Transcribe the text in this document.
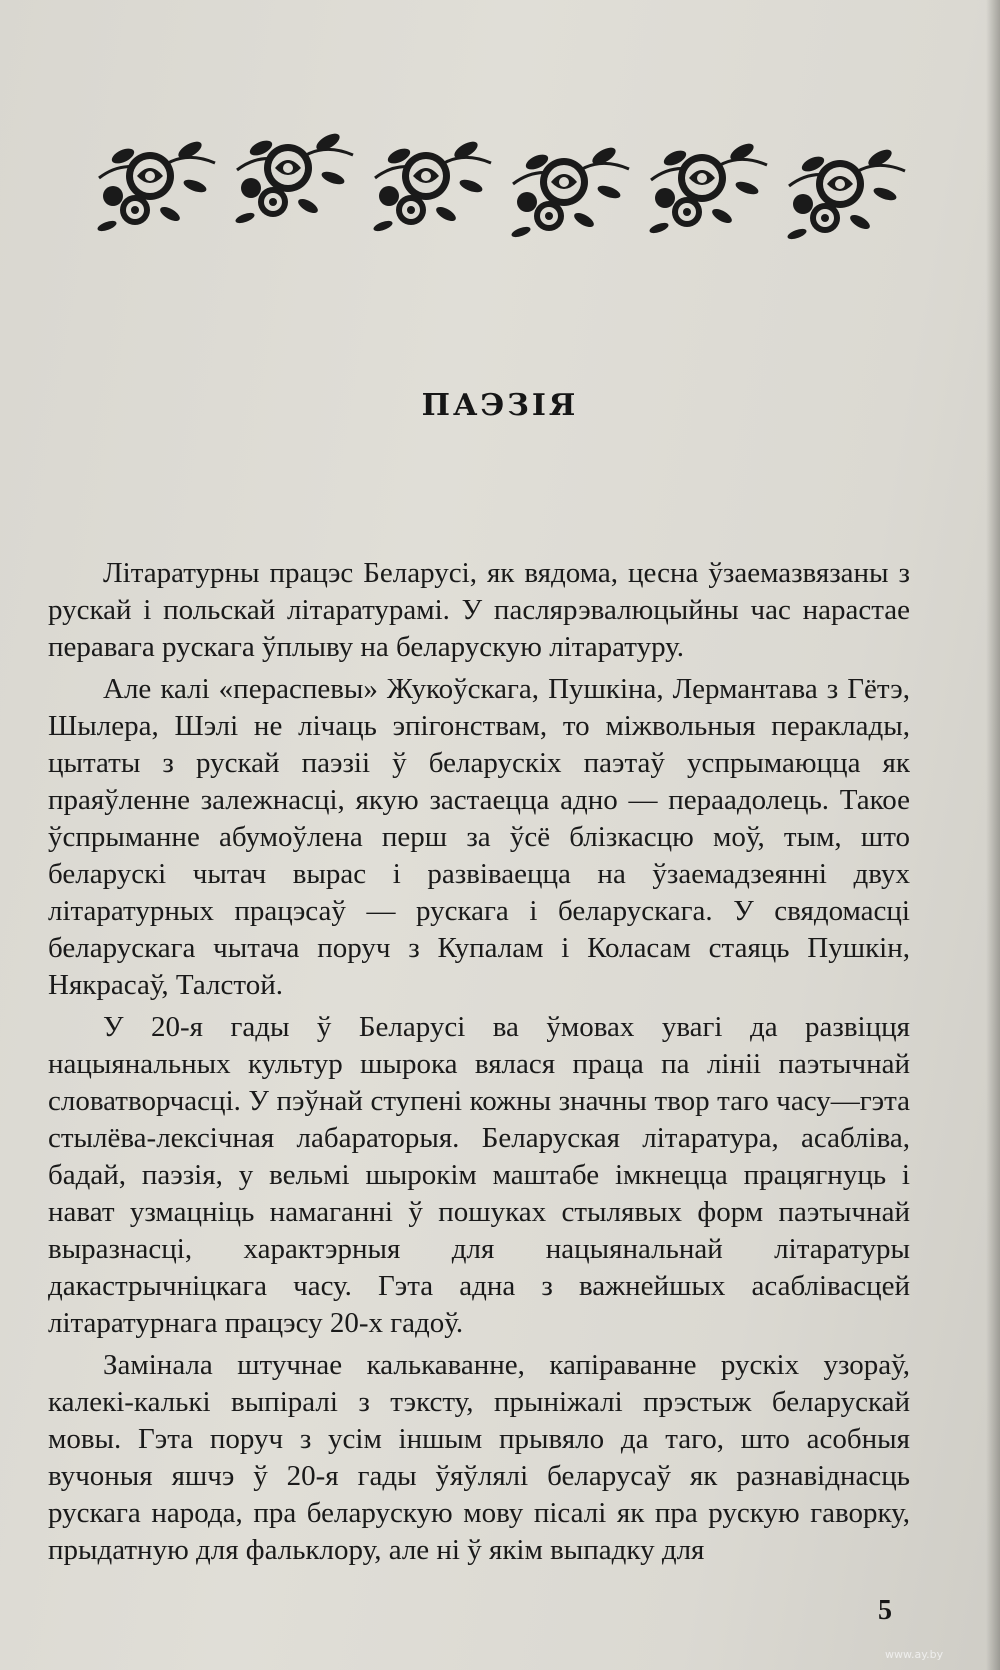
ПАЭЗІЯ

Літаратурны працэс Беларусі, як вядома, цесна ўзаемазвязаны з рускай і польскай літаратурамі. У паслярэвалюцыйны час нарастае перавага рускага ўплыву на беларускую літаратуру.

Але калі «пераспевы» Жукоўскага, Пушкіна, Лермантава з Гётэ, Шылера, Шэлі не лічаць эпігонствам, то міжвольныя пераклады, цытаты з рускай паэзіі ў беларускіх паэтаў успрымаюцца як праяўленне залежнасці, якую застаецца адно — пераадолець. Такое ўспрыманне абумоўлена перш за ўсё блізкасцю моў, тым, што беларускі чытач вырас і развіваецца на ўзаемадзеянні двух літаратурных працэсаў — рускага і беларускага. У свядомасці беларускага чытача поруч з Купалам і Коласам стаяць Пушкін, Някрасаў, Талстой.

У 20-я гады ў Беларусі ва ўмовах увагі да развіцця нацыянальных культур шырока вялася праца па лініі паэтычнай словатворчасці. У пэўнай ступені кожны значны твор таго часу—гэта стылёва-лексічная лабараторыя. Беларуская літаратура, асабліва, бадай, паэзія, у вельмі шырокім маштабе імкнецца працягнуць і нават узмацніць намаганні ў пошуках стылявых форм паэтычнай выразнасці, характэрныя для нацыянальнай літаратуры дакастрычніцкага часу. Гэта адна з важнейшых асаблівасцей літаратурнага працэсу 20-х гадоў.

Замінала штучнае калькаванне, капіраванне рускіх узораў, калекі-калькі выпіралі з тэксту, прыніжалі прэстыж беларускай мовы. Гэта поруч з усім іншым прывяло да таго, што асобныя вучоныя яшчэ ў 20-я гады ўяўлялі беларусаў як разнавіднасць рускага народа, пра беларускую мову пісалі як пра рускую гаворку, прыдатную для фальклору, але ні ў якім выпадку для

5
www.ay.by
